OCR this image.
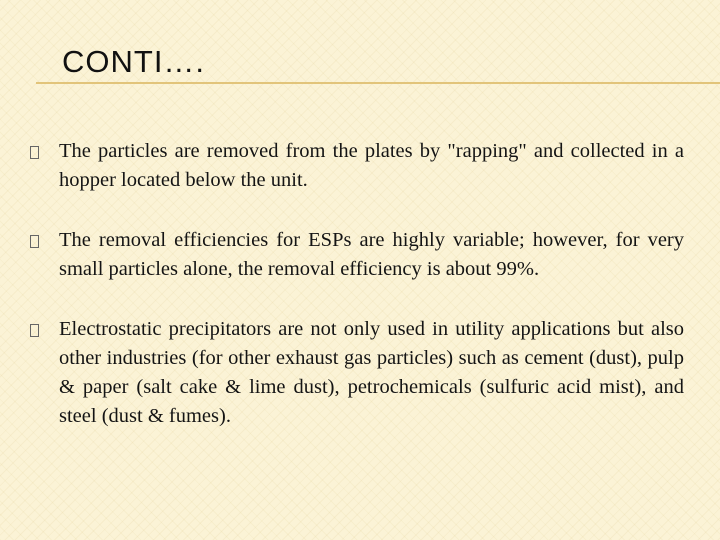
CONTI….

The particles are removed from the plates by "rapping" and collected in a hopper located below the unit.

The removal efficiencies for ESPs are highly variable; however, for very small particles alone, the removal efficiency is about 99%.

Electrostatic precipitators are not only used in utility applications but also other industries (for other exhaust gas particles) such as cement (dust), pulp & paper (salt cake & lime dust), petrochemicals (sulfuric acid mist), and steel (dust & fumes).
